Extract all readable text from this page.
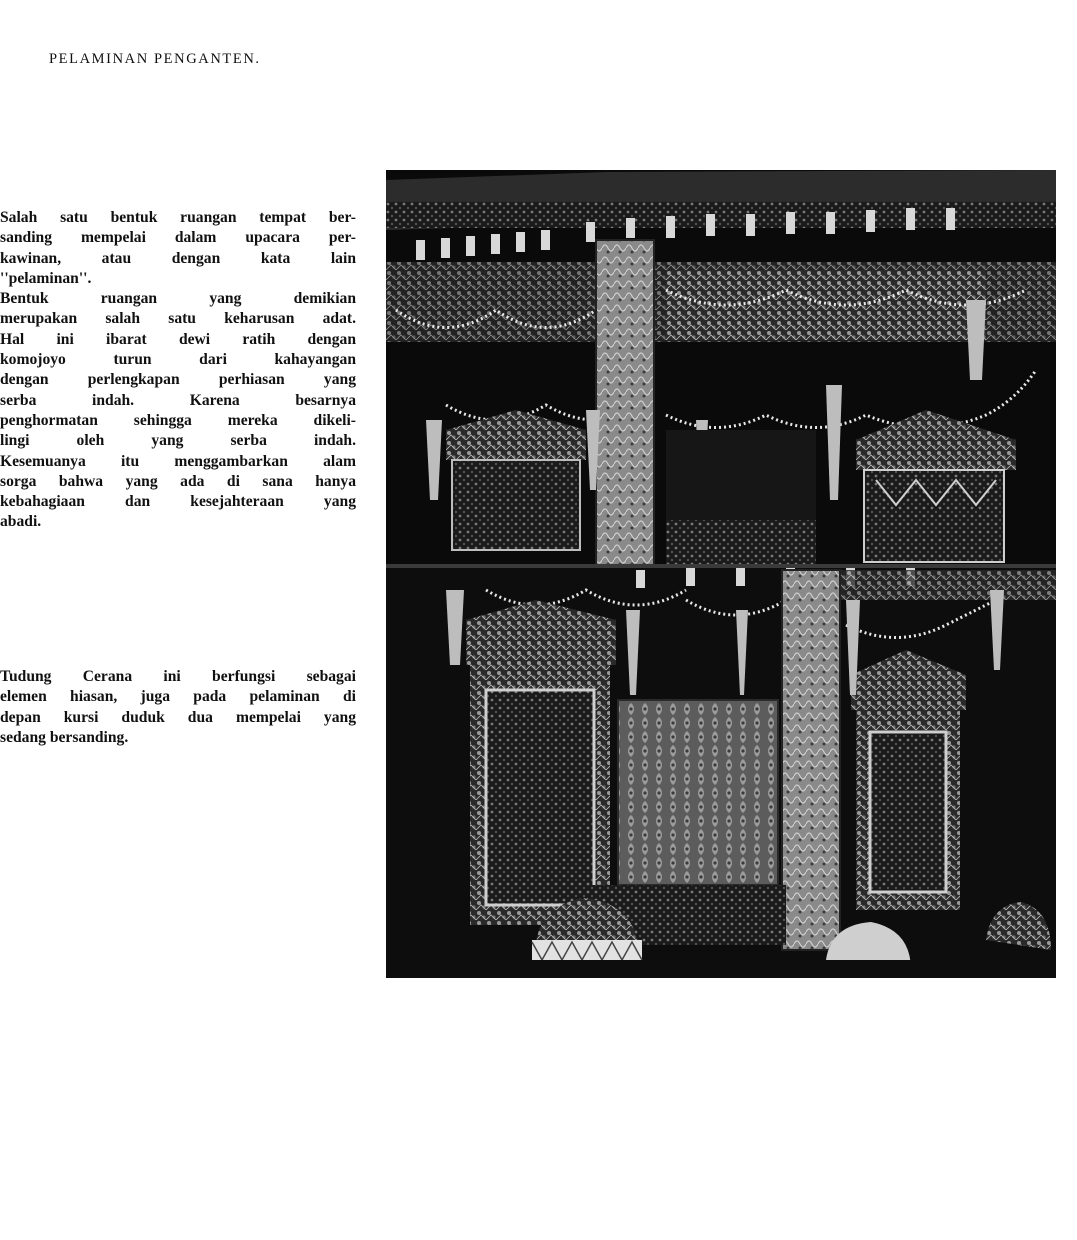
PELAMINAN PENGANTEN.
Salah satu bentuk ruangan tempat ber-
sanding mempelai dalam upacara per-
kawinan, atau dengan kata lain
''pelaminan''.
Bentuk ruangan yang demikian
merupakan salah satu keharusan adat.
Hal ini ibarat dewi ratih dengan
komojoyo turun dari kahayangan
dengan perlengkapan perhiasan yang
serba indah. Karena besarnya
penghormatan sehingga mereka dikeli-
lingi oleh yang serba indah.
Kesemuanya itu menggambarkan alam
sorga bahwa yang ada di sana hanya
kebahagiaan dan kesejahteraan yang
abadi.
Tudung Cerana ini berfungsi sebagai
elemen hiasan, juga pada pelaminan di
depan kursi duduk dua mempelai yang
sedang bersanding.
